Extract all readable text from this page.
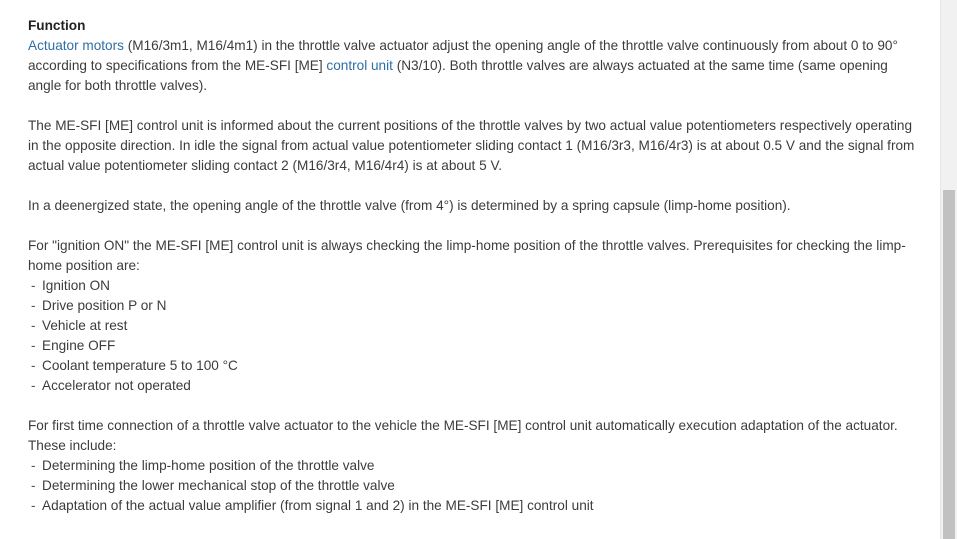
Function

Actuator motors (M16/3m1, M16/4m1) in the throttle valve actuator adjust the opening angle of the throttle valve continuously from about 0 to 90° according to specifications from the ME-SFI [ME] control unit (N3/10). Both throttle valves are always actuated at the same time (same opening angle for both throttle valves).

The ME-SFI [ME] control unit is informed about the current positions of the throttle valves by two actual value potentiometers respectively operating in the opposite direction. In idle the signal from actual value potentiometer sliding contact 1 (M16/3r3, M16/4r3) is at about 0.5 V and the signal from actual value potentiometer sliding contact 2 (M16/3r4, M16/4r4) is at about 5 V.

In a deenergized state, the opening angle of the throttle valve (from 4°) is determined by a spring capsule (limp-home position).

For "ignition ON" the ME-SFI [ME] control unit is always checking the limp-home position of the throttle valves. Prerequisites for checking the limp-home position are:

- Ignition ON
- Drive position P or N
- Vehicle at rest
- Engine OFF
- Coolant temperature 5 to 100 °C
- Accelerator not operated

For first time connection of a throttle valve actuator to the vehicle the ME-SFI [ME] control unit automatically execution adaptation of the actuator. These include:

- Determining the limp-home position of the throttle valve
- Determining the lower mechanical stop of the throttle valve
- Adaptation of the actual value amplifier (from signal 1 and 2) in the ME-SFI [ME] control unit
